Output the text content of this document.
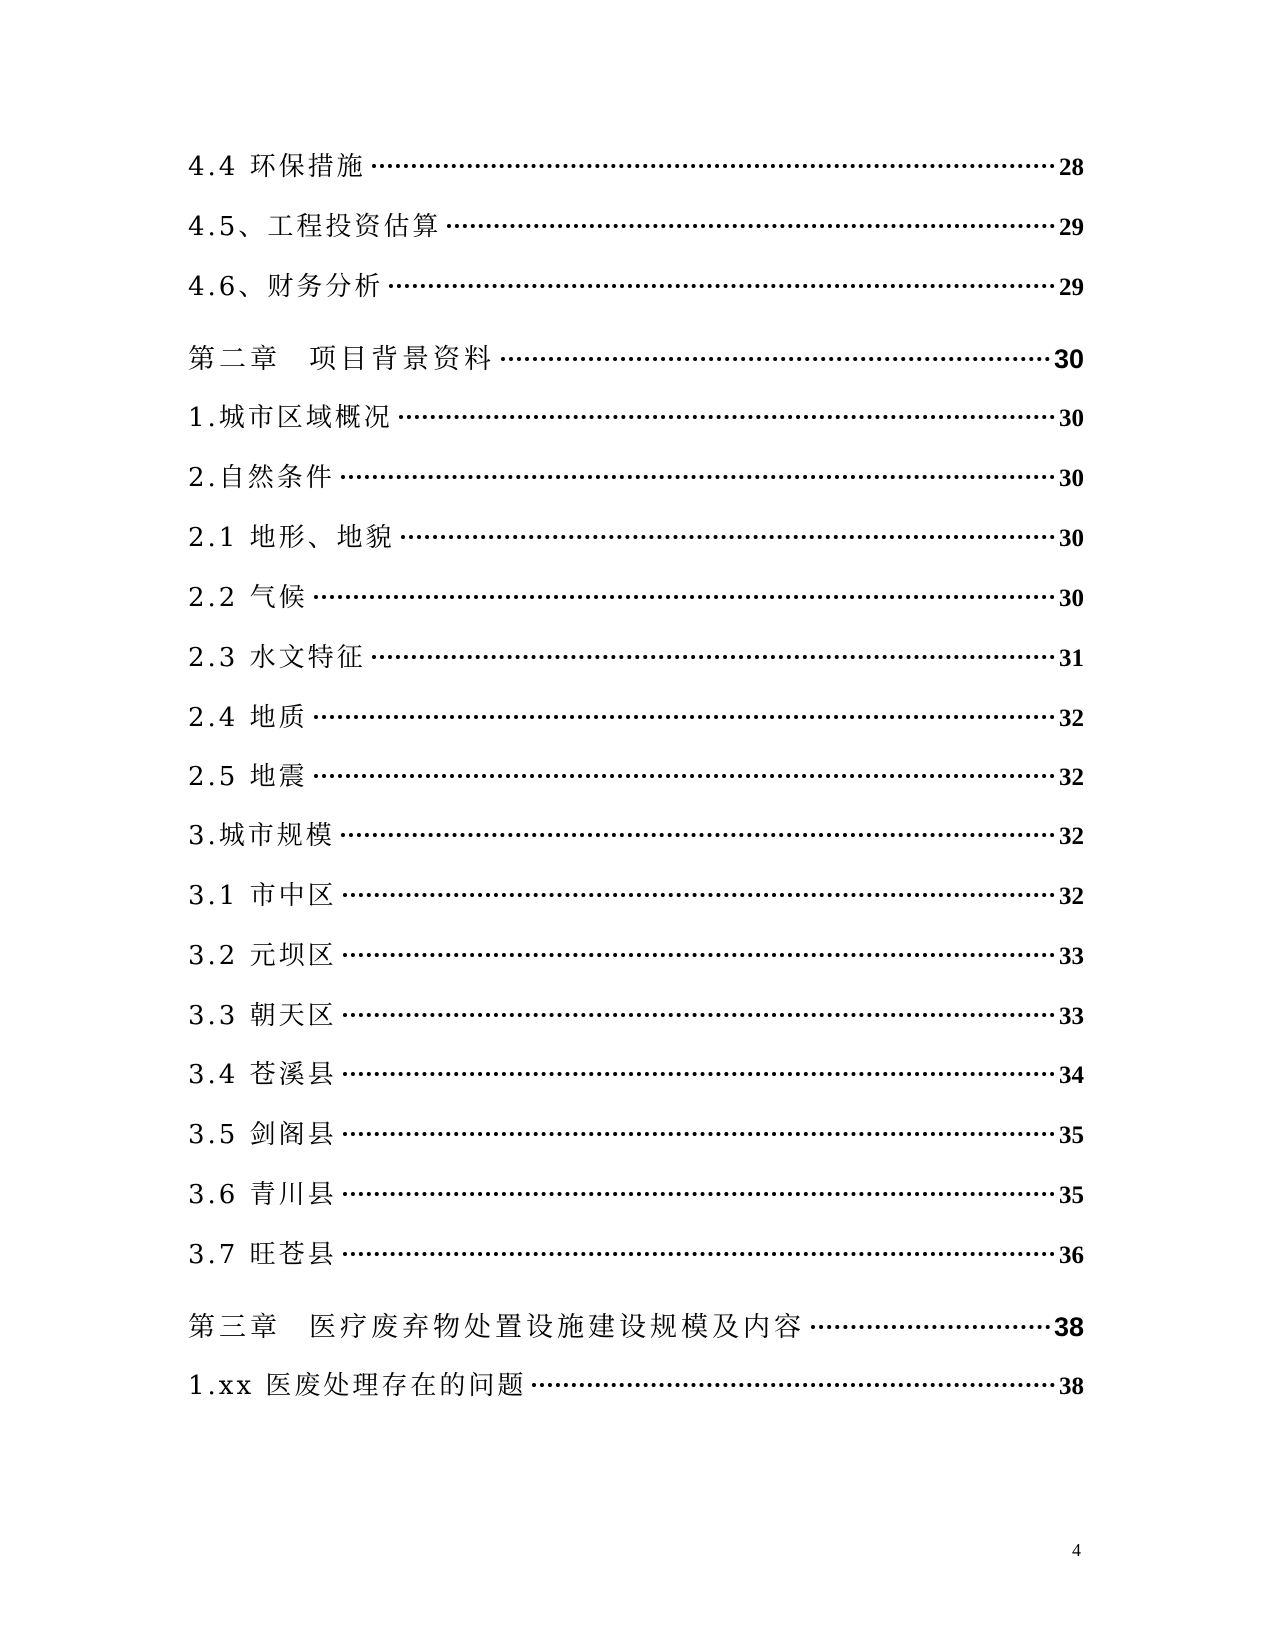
4.4 环保措施	28
4.5、工程投资估算	29
4.6、财务分析	29
第二章 项目背景资料	30
1.城市区域概况	30
2.自然条件	30
2.1 地形、地貌	30
2.2 气候	30
2.3 水文特征	31
2.4 地质	32
2.5 地震	32
3.城市规模	32
3.1 市中区	32
3.2 元坝区	33
3.3 朝天区	33
3.4 苍溪县	34
3.5 剑阁县	35
3.6 青川县	35
3.7 旺苍县	36
第三章 医疗废弃物处置设施建设规模及内容	38
1.xx 医废处理存在的问题	38
4
